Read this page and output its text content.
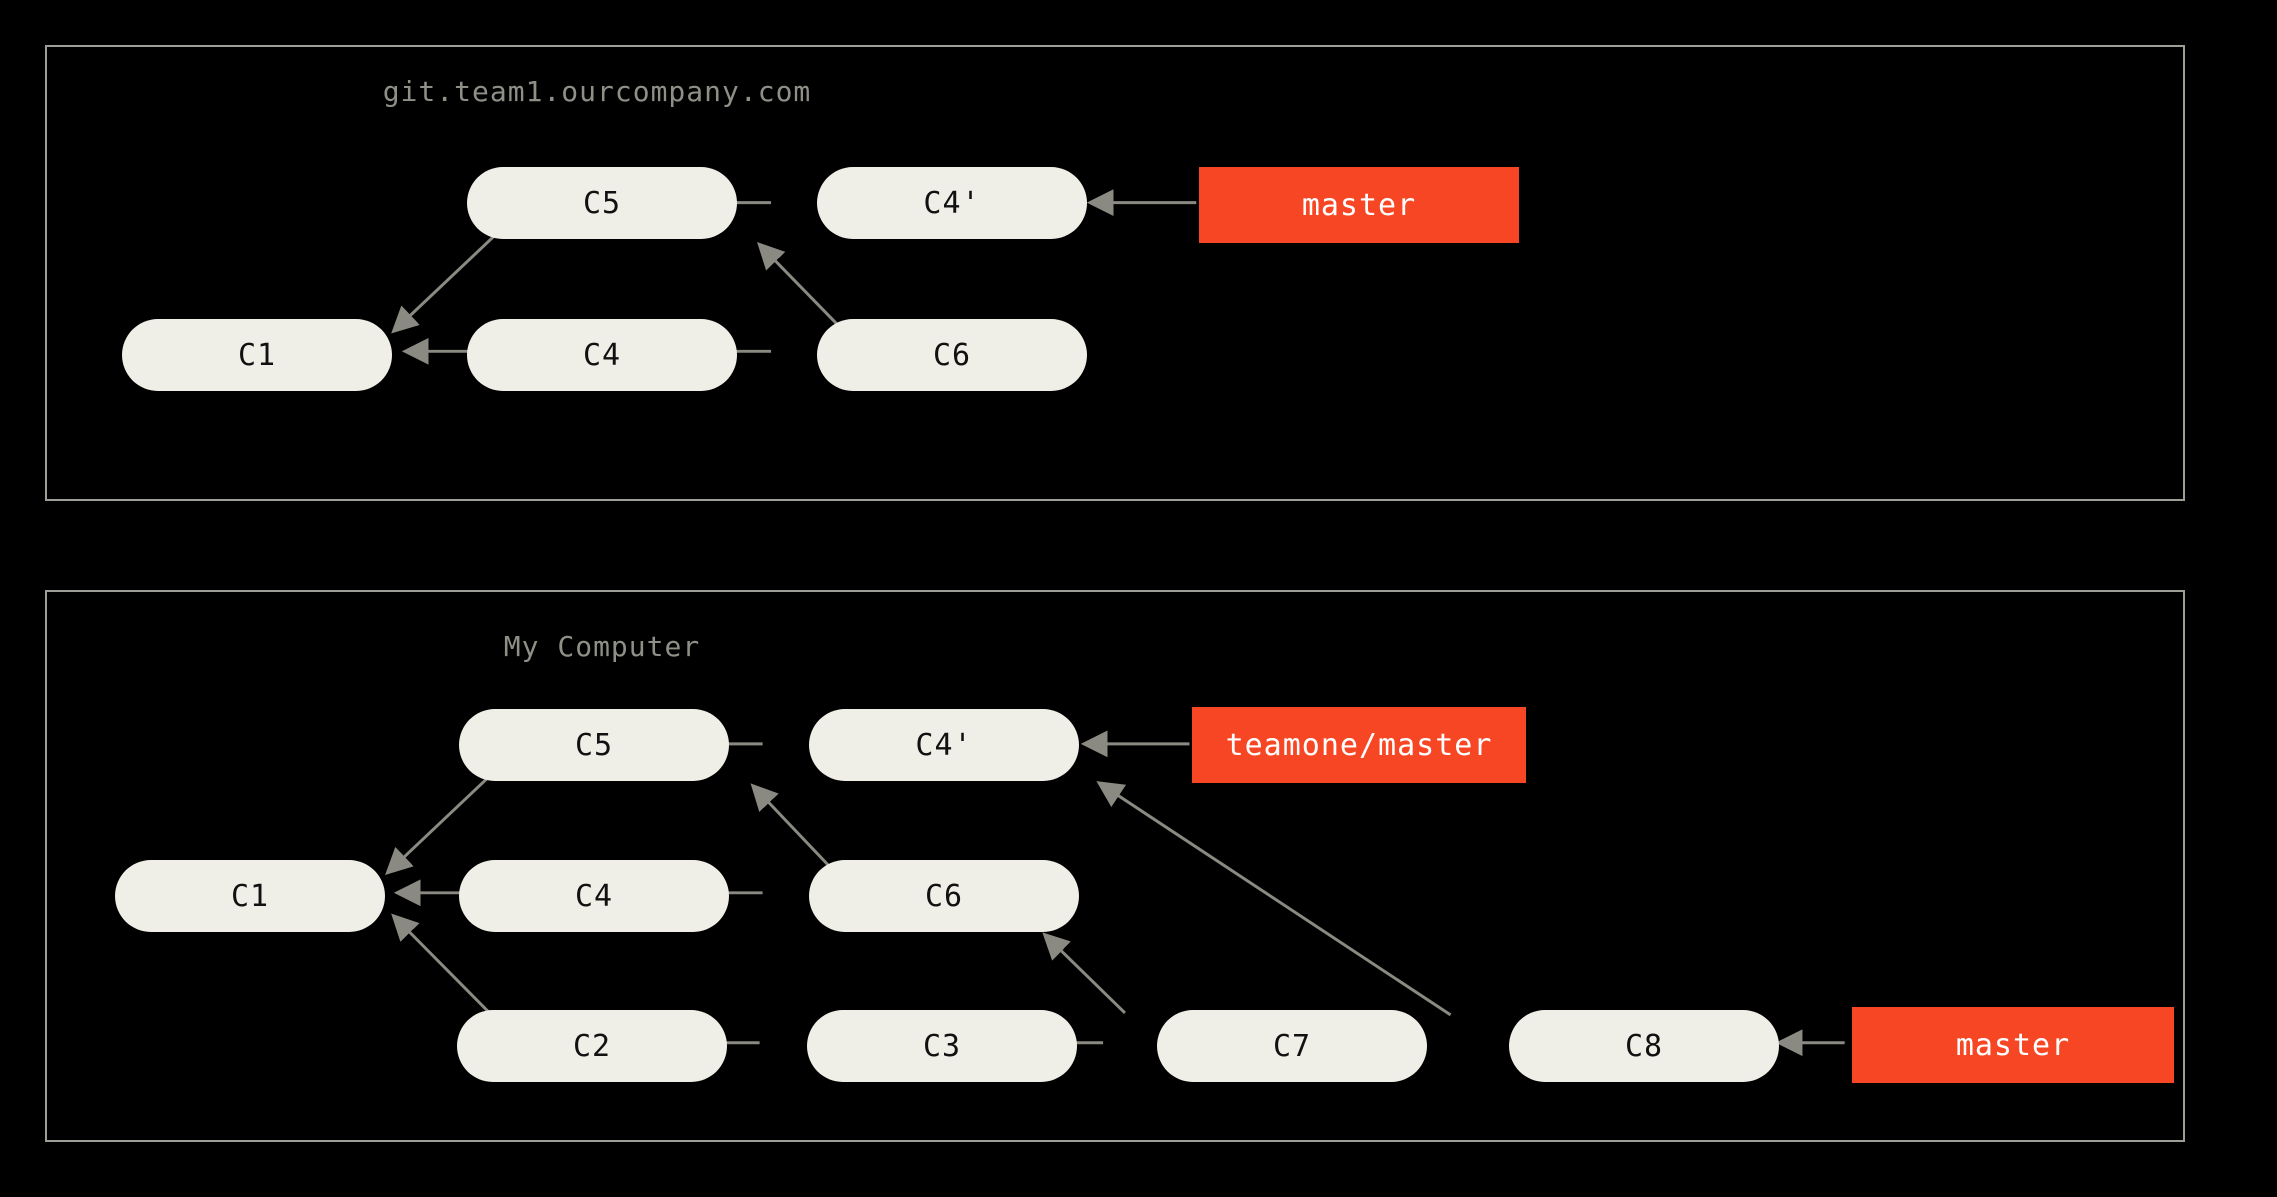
git.team1.ourcompany.com
C1	C4
C5	C4'
C6
master
My Computer
C1	C4
C5	C4'
C6
C2	C3	C7	C8
teamone/master
master
